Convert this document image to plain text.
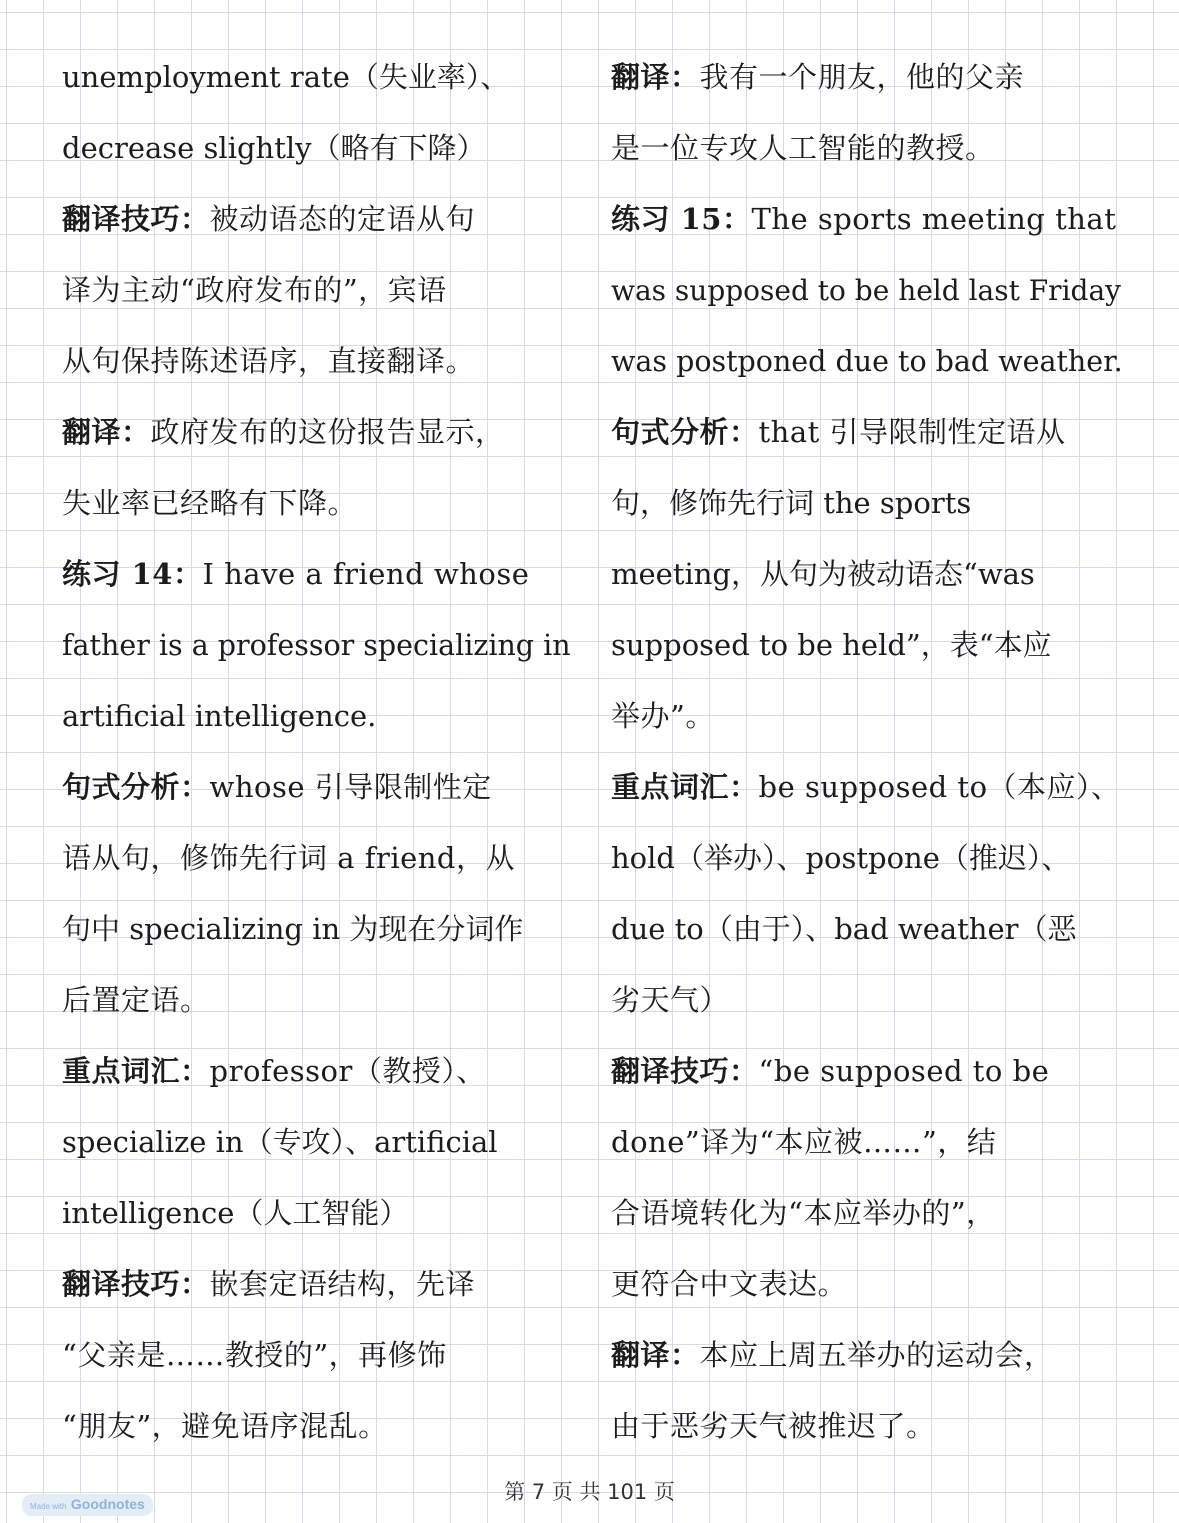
unemployment rate（失业率）、
decrease slightly（略有下降）
翻译技巧：被动语态的定语从句
译为主动“政府发布的”，宾语
从句保持陈述语序，直接翻译。
翻译：政府发布的这份报告显示，
失业率已经略有下降。
练习 14：I have a friend whose
father is a professor specializing in
artificial intelligence.
句式分析：whose 引导限制性定
语从句，修饰先行词 a friend，从
句中 specializing in 为现在分词作
后置定语。
重点词汇：professor（教授）、
specialize in（专攻）、artificial
intelligence（人工智能）
翻译技巧：嵌套定语结构，先译
“父亲是……教授的”，再修饰
“朋友”，避免语序混乱。
翻译：我有一个朋友，他的父亲
是一位专攻人工智能的教授。
练习 15：The sports meeting that
was supposed to be held last Friday
was postponed due to bad weather.
句式分析：that 引导限制性定语从
句，修饰先行词 the sports
meeting，从句为被动语态“was
supposed to be held”，表“本应
举办”。
重点词汇：be supposed to（本应）、
hold（举办）、postpone（推迟）、
due to（由于）、bad weather（恶
劣天气）
翻译技巧：“be supposed to be
done”译为“本应被……”，结
合语境转化为“本应举办的”，
更符合中文表达。
翻译：本应上周五举办的运动会，
由于恶劣天气被推迟了。
第 7 页 共 101 页
Made with Goodnotes
